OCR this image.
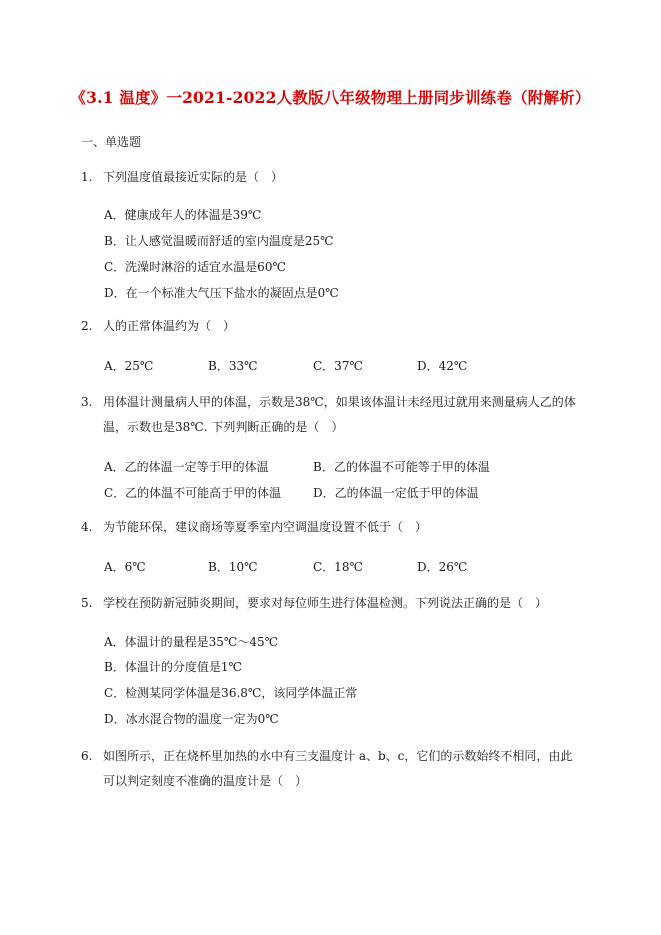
《3.1 温度》一2021-2022人教版八年级物理上册同步训练卷（附解析）
一、单选题
1. 下列温度值最接近实际的是（　）
A．健康成年人的体温是39℃
B．让人感觉温暖而舒适的室内温度是25℃
C．洗澡时淋浴的适宜水温是60℃
D．在一个标准大气压下盐水的凝固点是0℃
2. 人的正常体温约为（　）
A．25℃	B．33℃	C．37℃	D．42℃
3. 用体温计测量病人甲的体温，示数是38℃，如果该体温计未经甩过就用来测量病人乙的体温，示数也是38℃. 下列判断正确的是（　）
A．乙的体温一定等于甲的体温	B．乙的体温不可能等于甲的体温
C．乙的体温不可能高于甲的体温	D．乙的体温一定低于甲的体温
4. 为节能环保，建议商场等夏季室内空调温度设置不低于（　）
A．6℃	B．10℃	C．18℃	D．26℃
5. 学校在预防新冠肺炎期间，要求对每位师生进行体温检测。下列说法正确的是（　）
A．体温计的量程是35℃～45℃
B．体温计的分度值是1℃
C．检测某同学体温是36.8℃，该同学体温正常
D．冰水混合物的温度一定为0℃
6. 如图所示，正在烧杯里加热的水中有三支温度计 a、b、c，它们的示数始终不相同，由此可以判定刻度不准确的温度计是（　）
